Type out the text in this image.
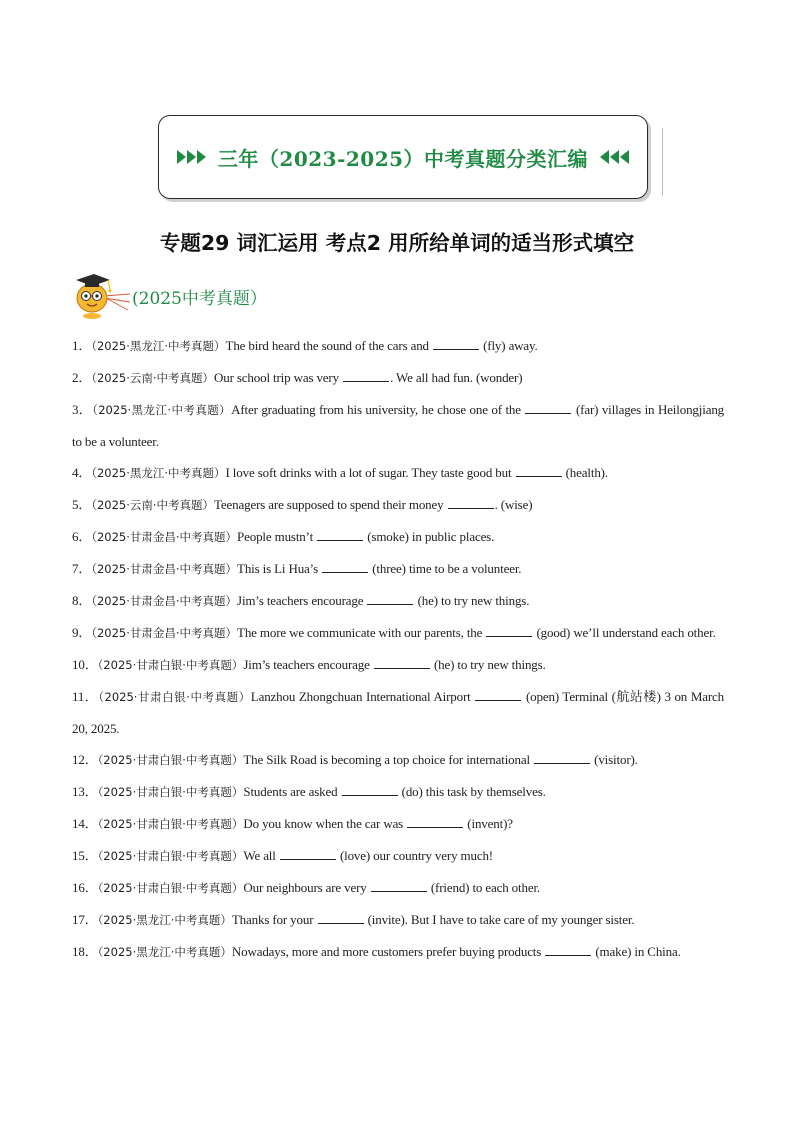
三年（2023-2025）中考真题分类汇编
专题29 词汇运用 考点2 用所给单词的适当形式填空
(2025中考真题）
1．（2025·黑龙江·中考真题）The bird heard the sound of the cars and	(fly) away.
2．（2025·云南·中考真题）Our school trip was very	. We all had fun. (wonder)
3．（2025·黑龙江·中考真题）After graduating from his university, he chose one of the	(far) villages in Heilongjiang to be a volunteer.
4．（2025·黑龙江·中考真题）I love soft drinks with a lot of sugar. They taste good but	(health).
5．（2025·云南·中考真题）Teenagers are supposed to spend their money	. (wise)
6．（2025·甘肃金昌·中考真题）People mustn’t	(smoke) in public places.
7．（2025·甘肃金昌·中考真题）This is Li Hua’s	(three) time to be a volunteer.
8．（2025·甘肃金昌·中考真题）Jim’s teachers encourage	(he) to try new things.
9．（2025·甘肃金昌·中考真题）The more we communicate with our parents, the	(good) we’ll understand each other.
10．（2025·甘肃白银·中考真题）Jim’s teachers encourage	(he) to try new things.
11．（2025·甘肃白银·中考真题）Lanzhou Zhongchuan International Airport	(open) Terminal (航站楼) 3 on March 20, 2025.
12．（2025·甘肃白银·中考真题）The Silk Road is becoming a top choice for international	(visitor).
13．（2025·甘肃白银·中考真题）Students are asked	(do) this task by themselves.
14．（2025·甘肃白银·中考真题）Do you know when the car was	(invent)?
15．（2025·甘肃白银·中考真题）We all	(love) our country very much!
16．（2025·甘肃白银·中考真题）Our neighbours are very	(friend) to each other.
17．（2025·黑龙江·中考真题）Thanks for your	(invite). But I have to take care of my younger sister.
18．（2025·黑龙江·中考真题）Nowadays, more and more customers prefer buying products	(make) in China.
